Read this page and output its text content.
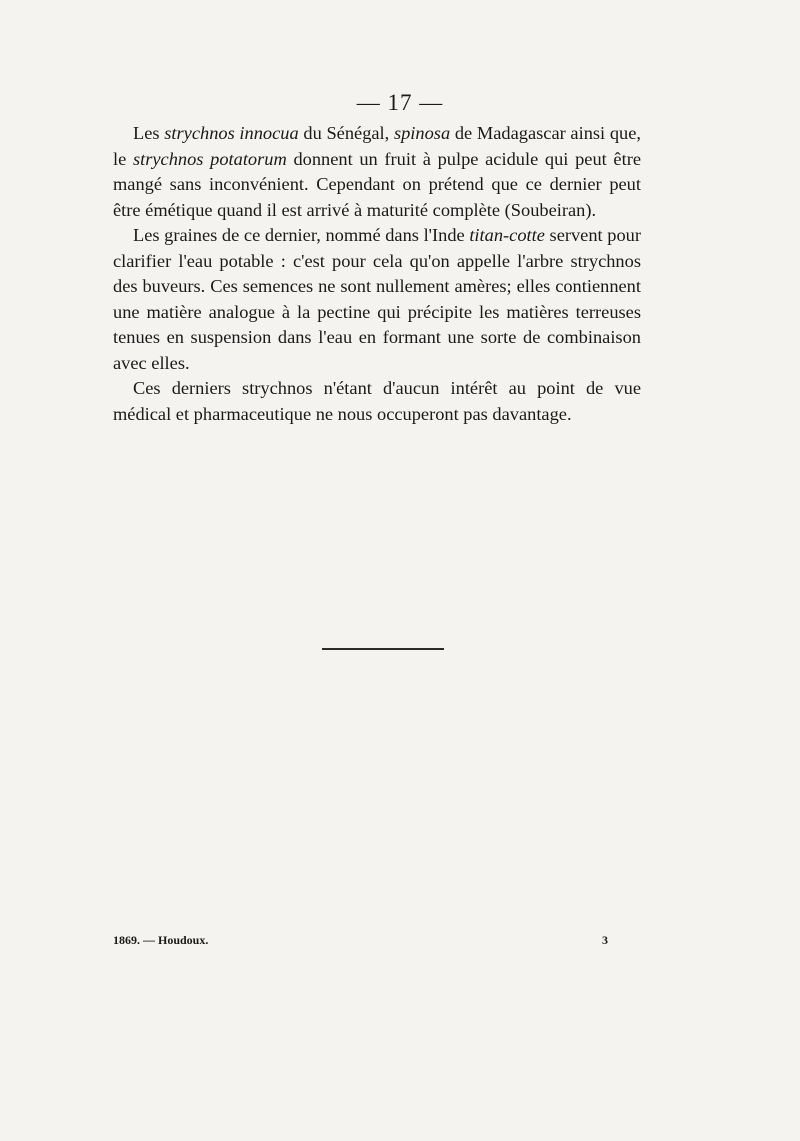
— 17 —

Les strychnos innocua du Sénégal, spinosa de Madagascar ainsi que, le strychnos potatorum donnent un fruit à pulpe acidule qui peut être mangé sans inconvénient. Cependant on prétend que ce dernier peut être émétique quand il est arrivé à maturité complète (Soubeiran).

Les graines de ce dernier, nommé dans l'Inde titan-cotte servent pour clarifier l'eau potable : c'est pour cela qu'on appelle l'arbre strychnos des buveurs. Ces semences ne sont nullement amères; elles contiennent une matière analogue à la pectine qui précipite les matières terreuses tenues en suspension dans l'eau en formant une sorte de combinaison avec elles.

Ces derniers strychnos n'étant d'aucun intérêt au point de vue médical et pharmaceutique ne nous occuperont pas davantage.

1869. — Houdoux.	3
